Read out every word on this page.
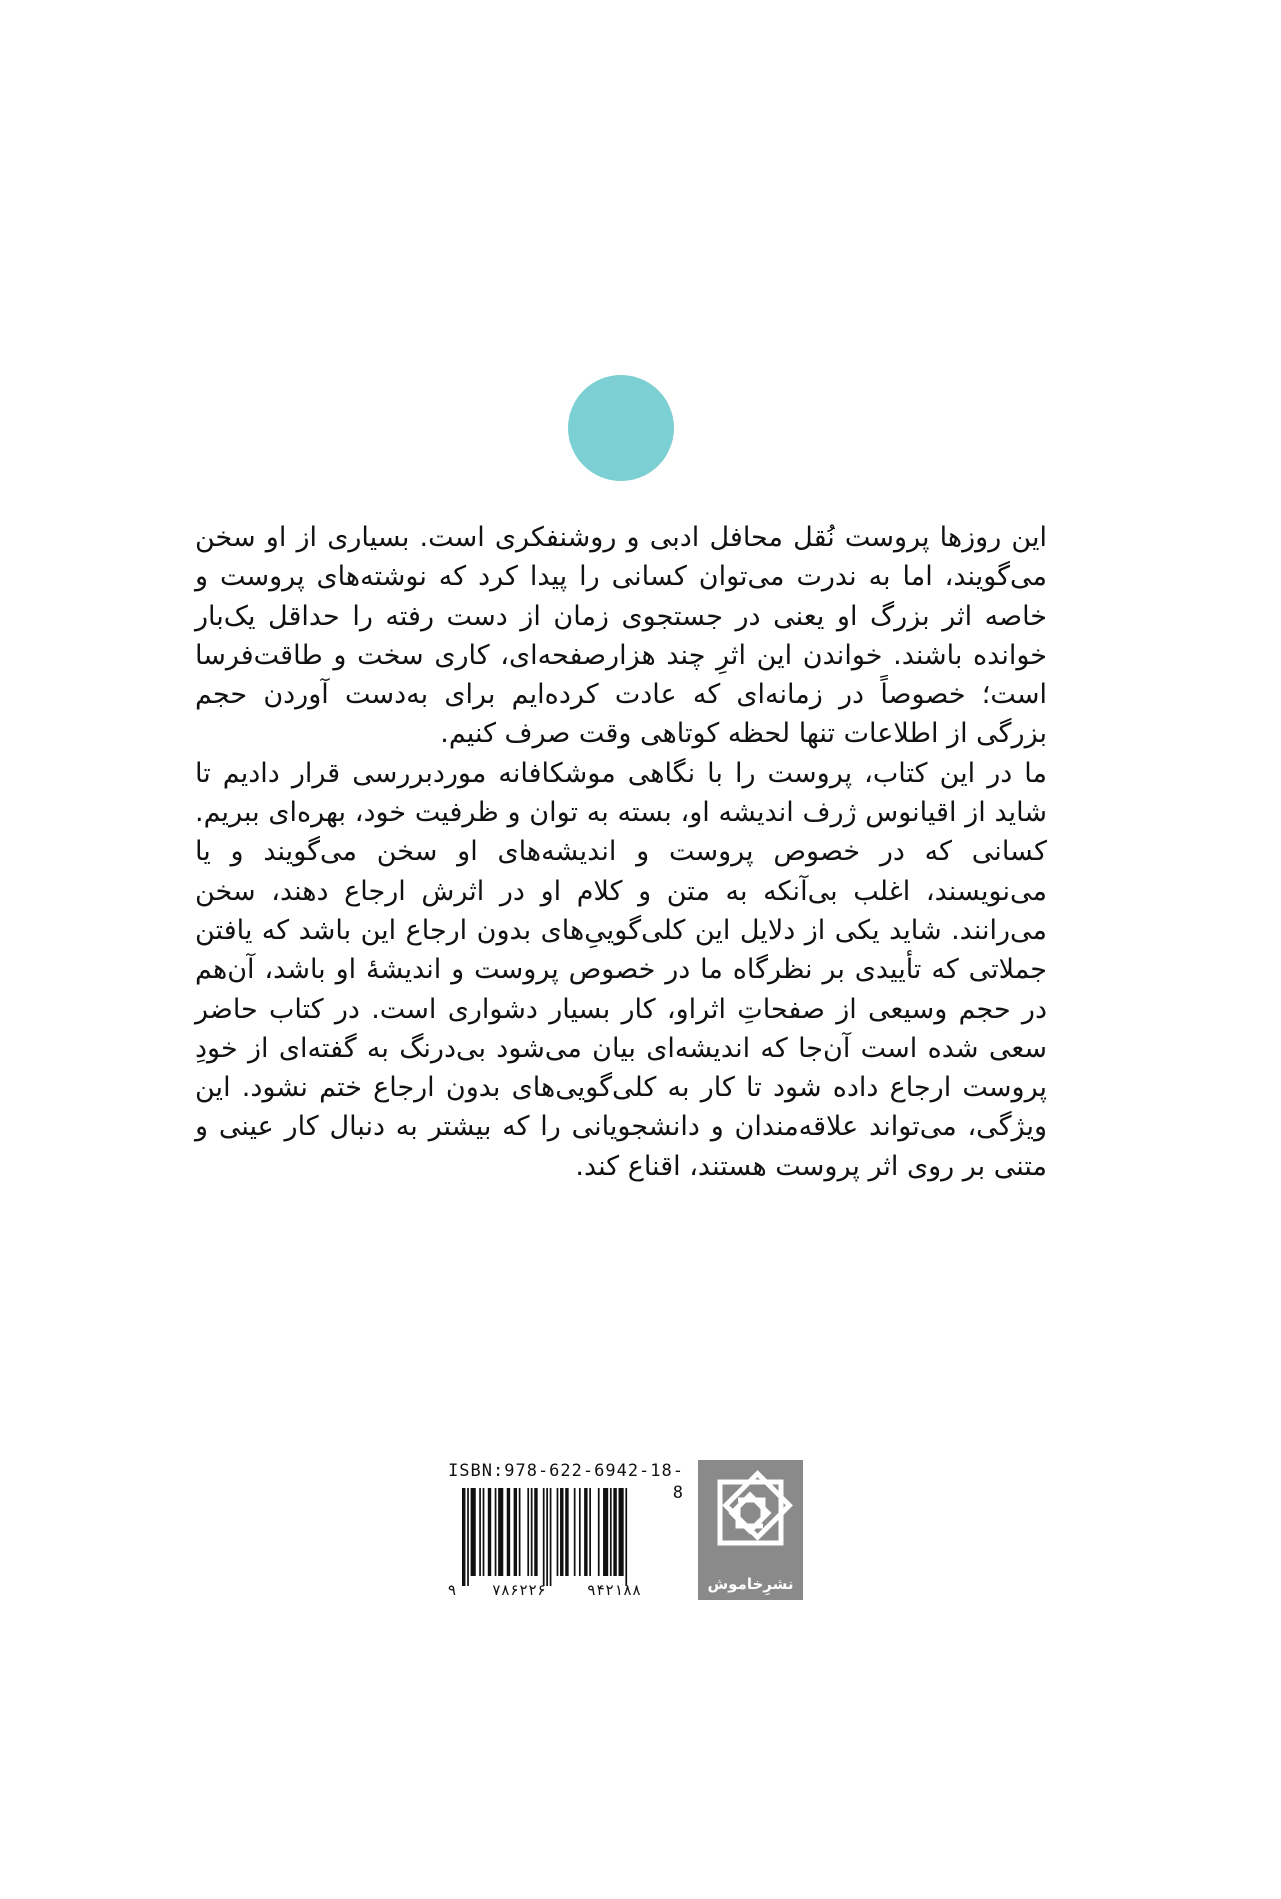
این روزها پروست نُقل محافل ادبی و روشنفکری است. بسیاری از او سخن می‌گویند، اما به ندرت می‌توان کسانی را پیدا کرد که نوشته‌های پروست و خاصه اثر بزرگ او یعنی در جستجوی زمان از دست رفته را حداقل یک‌بار خوانده باشند. خواندن این اثرِ چند هزارصفحه‌ای، کاری سخت و طاقت‌فرسا است؛ خصوصاً در زمانه‌ای که عادت کرده‌ایم برای به‌دست آوردن حجم بزرگی از اطلاعات تنها لحظه کوتاهی وقت صرف کنیم.

ما در این کتاب، پروست را با نگاهی موشکافانه موردبررسی قرار دادیم تا شاید از اقیانوس ژرف اندیشه او، بسته به توان و ظرفیت خود، بهره‌ای ببریم. کسانی که در خصوص پروست و اندیشه‌های او سخن می‌گویند و یا می‌نویسند، اغلب بی‌آنکه به متن و کلام او در اثرش ارجاع دهند، سخن می‌رانند. شاید یکی از دلایل این کلی‌گوییِ‌های بدون ارجاع این باشد که یافتن جملاتی که تأییدی بر نظرگاه ما در خصوص پروست و اندیشهٔ او باشد، آن‌هم در حجم وسیعی از صفحاتِ اثراو، کار بسیار دشواری است. در کتاب حاضر سعی شده است آن‌جا که اندیشه‌ای بیان می‌شود بی‌درنگ به گفته‌ای از خودِ پروست ارجاع داده شود تا کار به کلی‌گویی‌های بدون ارجاع ختم نشود. این ویژگی، می‌تواند علاقه‌مندان و دانشجویانی را که بیشتر به دنبال کار عینی و متنی بر روی اثر پروست هستند، اقناع کند.

ISBN:978-622-6942-18-8
۹ ۷۸۶۲۲۶	۹۴۲۱۸۸	نشرِخاموش
